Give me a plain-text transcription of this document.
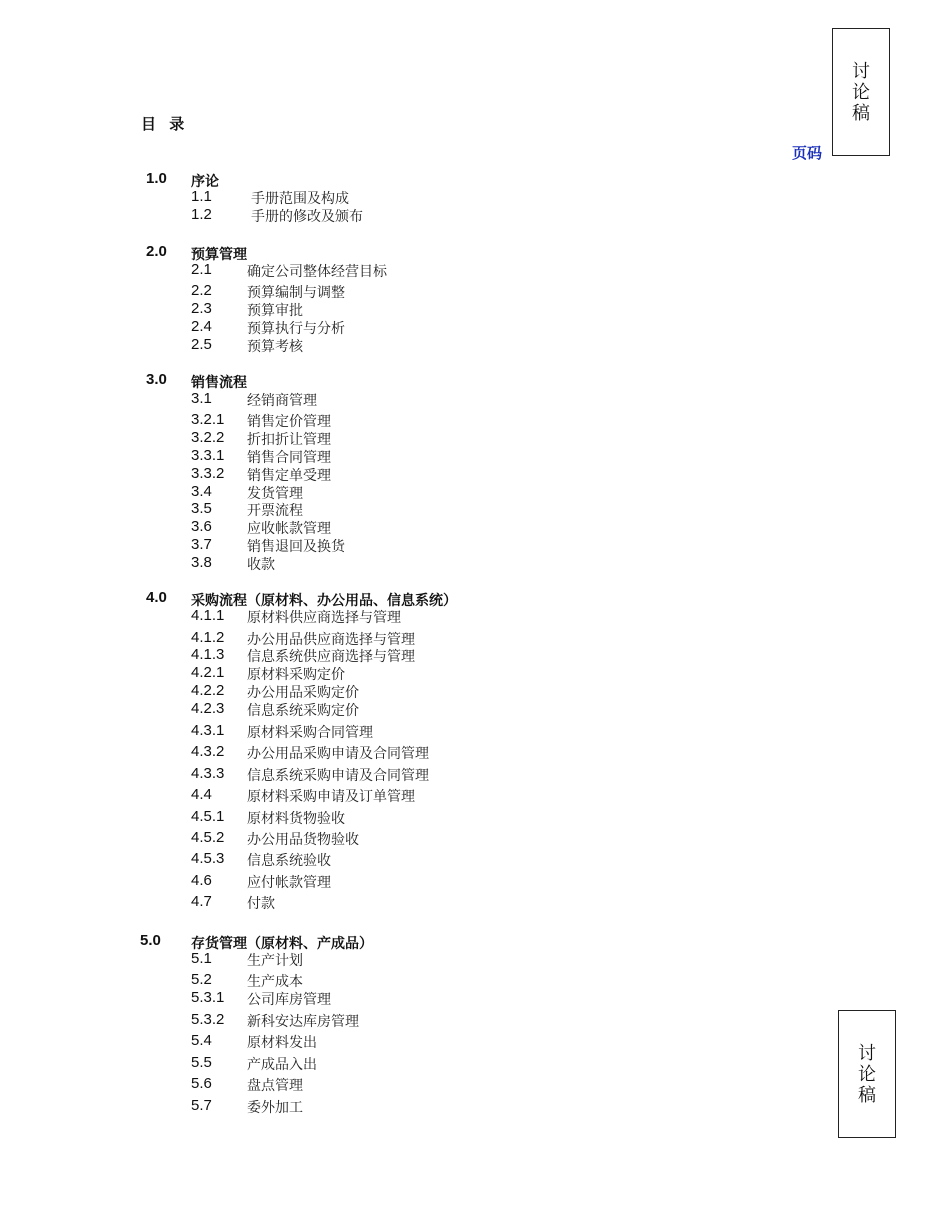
讨
论
稿
讨
论
稿
目 录
页码
1.0 序论
1.1	手册范围及构成
1.2	手册的修改及颁布
2.0 预算管理
2.1	确定公司整体经营目标
2.2	预算编制与调整
2.3	预算审批
2.4	预算执行与分析
2.5	预算考核
3.0 销售流程
3.1	经销商管理
3.2.1 销售定价管理
3.2.2 折扣折让管理
3.3.1 销售合同管理
3.3.2 销售定单受理
3.4	发货管理
3.5	开票流程
3.6	应收帐款管理
3.7	销售退回及换货
3.8	收款
4.0 采购流程（原材料、办公用品、信息系统）
4.1.1 原材料供应商选择与管理
4.1.2 办公用品供应商选择与管理
4.1.3 信息系统供应商选择与管理
4.2.1 原材料采购定价
4.2.2 办公用品采购定价
4.2.3 信息系统采购定价
4.3.1 原材料采购合同管理
4.3.2 办公用品采购申请及合同管理
4.3.3 信息系统采购申请及合同管理
4.4	原材料采购申请及订单管理
4.5.1 原材料货物验收
4.5.2 办公用品货物验收
4.5.3 信息系统验收
4.6	应付帐款管理
4.7	付款
5.0 存货管理（原材料、产成品）
5.1	生产计划
5.2	生产成本
5.3.1 公司库房管理
5.3.2 新科安达库房管理
5.4	原材料发出
5.5	产成品入出
5.6	盘点管理
5.7	委外加工
